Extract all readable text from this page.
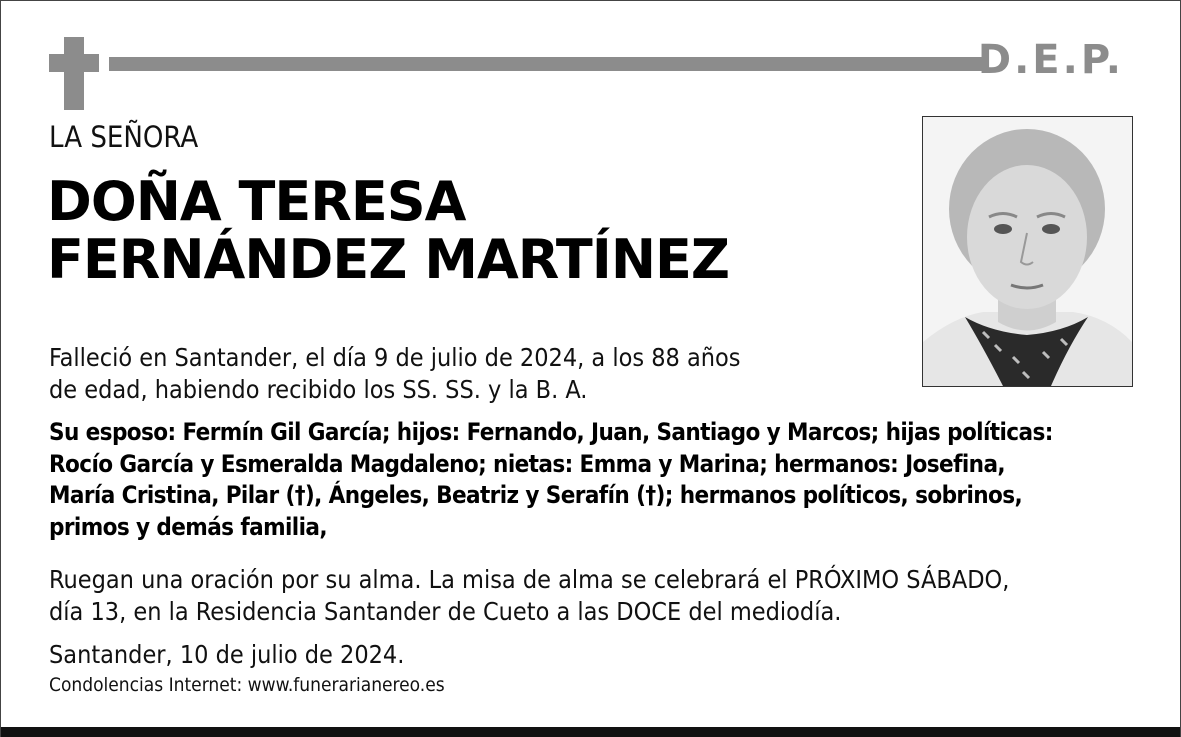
D.E.P.
LA SEÑORA
DOÑA TERESA
FERNÁNDEZ MARTÍNEZ
Falleció en Santander, el día 9 de julio de 2024, a los 88 años
de edad, habiendo recibido los SS. SS. y la B. A.
Su esposo: Fermín Gil García; hijos: Fernando, Juan, Santiago y Marcos; hijas políticas:
Rocío García y Esmeralda Magdaleno; nietas: Emma y Marina; hermanos: Josefina,
María Cristina, Pilar (†), Ángeles, Beatriz y Serafín (†); hermanos políticos, sobrinos,
primos y demás familia,
Ruegan una oración por su alma. La misa de alma se celebrará el PRÓXIMO SÁBADO,
día 13, en la Residencia Santander de Cueto a las DOCE del mediodía.
Santander, 10 de julio de 2024.
Condolencias Internet: www.funerarianereo.es
